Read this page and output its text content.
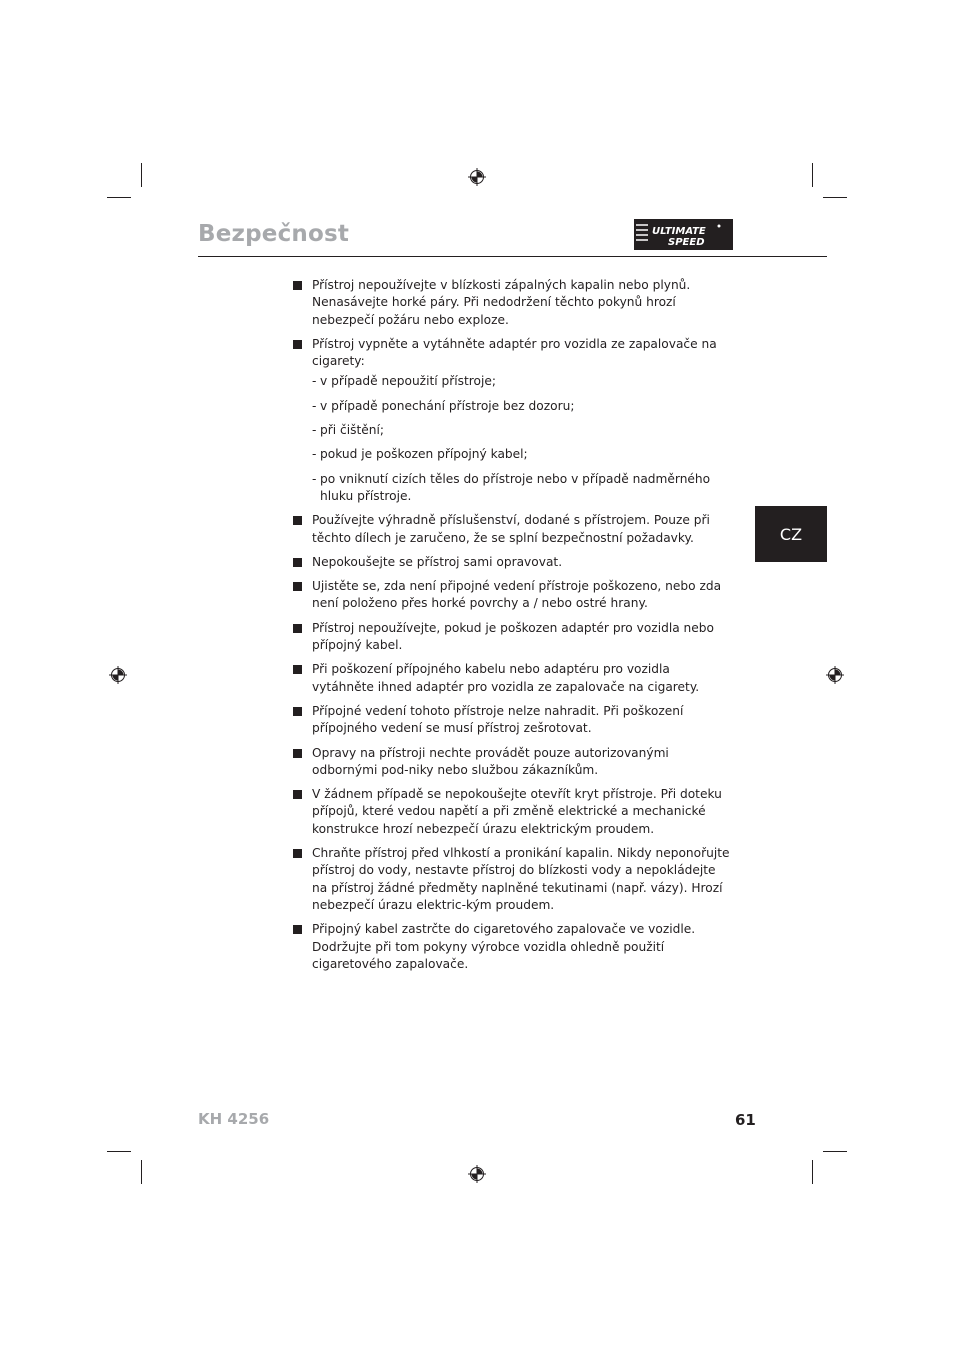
Bezpečnost	ULTIMATE
SPEED
CZ
Přístroj nepoužívejte v blízkosti zápalných kapalin nebo plynů. Nenasávejte horké páry. Při nedodržení těchto pokynů hrozí nebezpečí požáru nebo exploze.
Přístroj vypněte a vytáhněte adaptér pro vozidla ze zapalovače na cigarety:
- v případě nepoužití přístroje;
- v případě ponechání přístroje bez dozoru;
- při čištění;
- pokud je poškozen přípojný kabel;
- po vniknutí cizích těles do přístroje nebo v případě nadměrného hluku přístroje.
Používejte výhradně příslušenství, dodané s přístrojem. Pouze při těchto dílech je zaručeno, že se splní bezpečnostní požadavky.
Nepokoušejte se přístroj sami opravovat.
Ujistěte se, zda není připojné vedení přístroje poškozeno, nebo zda není položeno přes horké povrchy a / nebo ostré hrany.
Přístroj nepoužívejte, pokud je poškozen adaptér pro vozidla nebo přípojný kabel.
Při poškození přípojného kabelu nebo adaptéru pro vozidla vytáhněte ihned adaptér pro vozidla ze zapalovače na cigarety.
Přípojné vedení tohoto přístroje nelze nahradit. Při poškození přípojného vedení se musí přístroj zešrotovat.
Opravy na přístroji nechte provádět pouze autorizovanými odbornými pod-niky nebo službou zákazníkům.
V žádnem případě se nepokoušejte otevřít kryt přístroje. Při doteku přípojů, které vedou napětí a při změně elektrické a mechanické konstrukce hrozí nebezpečí úrazu elektrickým proudem.
Chraňte přístroj před vlhkostí a pronikání kapalin. Nikdy neponořujte přístroj do vody, nestavte přístroj do blízkosti vody a nepokládejte na přístroj žádné předměty naplněné tekutinami (např. vázy). Hrozí nebezpečí úrazu elektric-kým proudem.
Připojný kabel zastrčte do cigaretového zapalovače ve vozidle. Dodržujte při tom pokyny výrobce vozidla ohledně použití cigaretového zapalovače.
KH 4256	61
